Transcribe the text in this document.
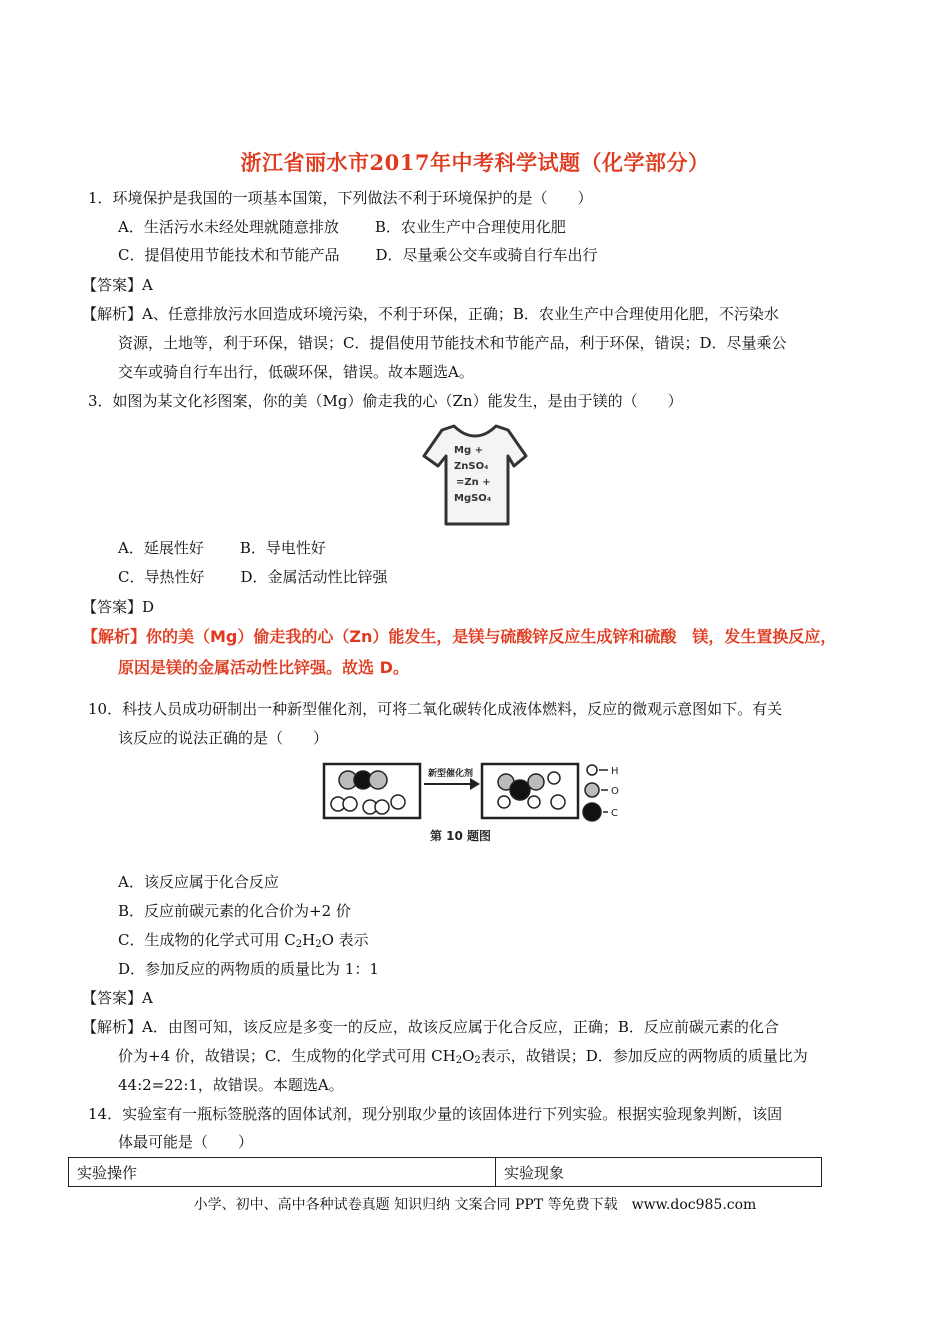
浙江省丽水市2017年中考科学试题（化学部分）
1．环境保护是我国的一项基本国策，下列做法不利于环境保护的是（　　）
A．生活污水未经处理就随意排放 B．农业生产中合理使用化肥
C．提倡使用节能技术和节能产品 D．尽量乘公交车或骑自行车出行
【答案】A
【解析】A、任意排放污水回造成环境污染，不利于环保，正确；B．农业生产中合理使用化肥，不污染水
资源，土地等，利于环保，错误；C．提倡使用节能技术和节能产品，利于环保，错误；D．尽量乘公
交车或骑自行车出行，低碳环保，错误。故本题选A。
3．如图为某文化衫图案，你的美（Mg）偷走我的心（Zn）能发生，是由于镁的（　　）
Mg +
ZnSO₄
=Zn +
MgSO₄
A．延展性好 B．导电性好
C．导热性好 D．金属活动性比锌强
【答案】D
【解析】你的美（Mg）偷走我的心（Zn）能发生，是镁与硫酸锌反应生成锌和硫酸　镁，发生置换反应，
原因是镁的金属活动性比锌强。故选 D。
10．科技人员成功研制出一种新型催化剂，可将二氧化碳转化成液体燃料，反应的微观示意图如下。有关
该反应的说法正确的是（　　）
新型催化剂	H
O
C
第 10 题图
A．该反应属于化合反应
B．反应前碳元素的化合价为+2 价
C．生成物的化学式可用 $C_2H_2O$ 表示
D．参加反应的两物质的质量比为 1：1
【答案】A
【解析】A．由图可知，该反应是多变一的反应，故该反应属于化合反应，正确；B．反应前碳元素的化合
价为+4 价，故错误；C．生成物的化学式可用 $CH_2O_2$表示，故错误；D．参加反应的两物质的质量比为
44:2=22:1，故错误。本题选A。
14．实验室有一瓶标签脱落的固体试剂，现分别取少量的该固体进行下列实验。根据实验现象判断，该固
体最可能是（　　）
实验操作	实验现象
小学、初中、高中各种试卷真题 知识归纳 文案合同 PPT 等免费下载　www.doc985.com
